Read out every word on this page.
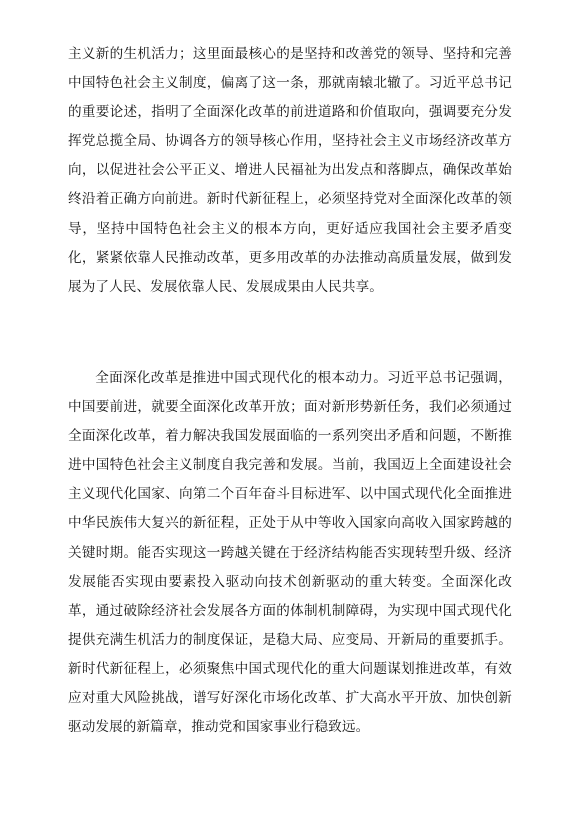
主义新的生机活力；这里面最核心的是坚持和改善党的领导、坚持和完善中国特色社会主义制度，偏离了这一条，那就南辕北辙了。习近平总书记的重要论述，指明了全面深化改革的前进道路和价值取向，强调要充分发挥党总揽全局、协调各方的领导核心作用，坚持社会主义市场经济改革方向，以促进社会公平正义、增进人民福祉为出发点和落脚点，确保改革始终沿着正确方向前进。新时代新征程上，必须坚持党对全面深化改革的领导，坚持中国特色社会主义的根本方向，更好适应我国社会主要矛盾变化，紧紧依靠人民推动改革，更多用改革的办法推动高质量发展，做到发展为了人民、发展依靠人民、发展成果由人民共享。

全面深化改革是推进中国式现代化的根本动力。习近平总书记强调，中国要前进，就要全面深化改革开放；面对新形势新任务，我们必须通过全面深化改革，着力解决我国发展面临的一系列突出矛盾和问题，不断推进中国特色社会主义制度自我完善和发展。当前，我国迈上全面建设社会主义现代化国家、向第二个百年奋斗目标进军、以中国式现代化全面推进中华民族伟大复兴的新征程，正处于从中等收入国家向高收入国家跨越的关键时期。能否实现这一跨越关键在于经济结构能否实现转型升级、经济发展能否实现由要素投入驱动向技术创新驱动的重大转变。全面深化改革，通过破除经济社会发展各方面的体制机制障碍，为实现中国式现代化提供充满生机活力的制度保证，是稳大局、应变局、开新局的重要抓手。新时代新征程上，必须聚焦中国式现代化的重大问题谋划推进改革，有效应对重大风险挑战，谱写好深化市场化改革、扩大高水平开放、加快创新驱动发展的新篇章，推动党和国家事业行稳致远。
